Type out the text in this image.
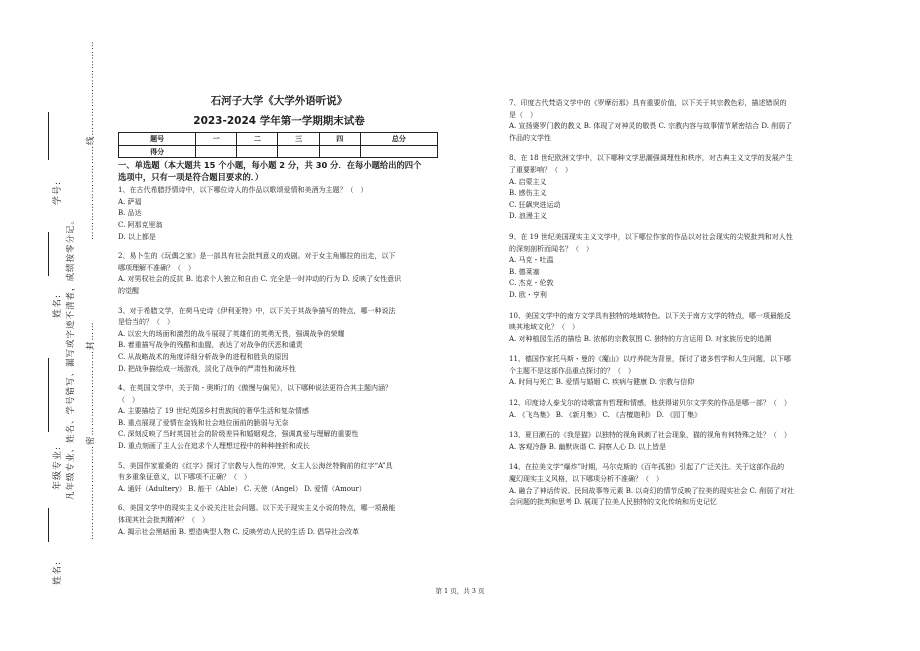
学号:
姓名:
年级专业:
姓名:
凡年级专业、姓名、学号错写、漏写或字迹不清者，成绩按零分记。
…………………………线…………………………
…………………………密………………………封……
石河子大学《大学外语听说》
2023-2024 学年第一学期期末试卷
题号	一	二	三	四	总分
得分					
一、单选题（本大题共 15 个小题，每小题 2 分，共 30 分．在每小题给出的四个
选项中，只有一项是符合题目要求的．）

1、在古代希腊抒情诗中，以下哪位诗人的作品以歌颂爱情和美酒为主题？（　）

A. 萨福

B. 品达

C. 阿那克里翁

D. 以上都是

2、易卜生的《玩偶之家》是一部具有社会批判意义的戏剧。对于女主角娜拉的出走，以下

哪项理解不准确？（　）

A. 对男权社会的反抗 B. 追求个人独立和自由 C. 完全是一时冲动的行为 D. 反映了女性意识

的觉醒

3、对于希腊文学，在荷马史诗《伊利亚特》中，以下关于其战争描写的特点，哪一种说法

是恰当的？（　）

A. 以宏大的场面和激烈的战斗展现了英雄们的英勇无畏，强调战争的荣耀

B. 着重描写战争的残酷和血腥，表达了对战争的厌恶和谴责

C. 从战略战术的角度详细分析战争的进程和胜负的原因

D. 把战争描绘成一场游戏，淡化了战争的严肃性和破坏性

4、在英国文学中，关于简・奥斯汀的《傲慢与偏见》，以下哪种说法更符合其主题内涵？

（　）

A. 主要描绘了 19 世纪英国乡村贵族间的奢华生活和复杂情感

B. 重点展现了爱情在金钱和社会地位面前的脆弱与无奈

C. 深刻反映了当时英国社会的阶级差异和婚姻观念，强调真爱与理解的重要性

D. 重点刻画了主人公在追求个人理想过程中的种种挫折和成长

5、美国作家霍桑的《红字》探讨了宗教与人性的冲突，女主人公海丝特胸前的红字“A”具

有多重象征意义，以下哪项不正确？（　）

A. 通奸（Adultery） B. 能干（Able） C. 天使（Angel） D. 爱情（Amour）

6、美国文学中的现实主义小说关注社会问题。以下关于现实主义小说的特点，哪一项最能

体现其社会批判精神？（　）

A. 揭示社会黑暗面 B. 塑造典型人物 C. 反映劳动人民的生活 D. 倡导社会改革

7、印度古代梵语文学中的《罗摩衍那》具有重要价值，以下关于其宗教色彩，描述错误的

是（　）

A. 宣扬婆罗门教的教义 B. 体现了对神灵的敬畏 C. 宗教内容与故事情节紧密结合 D. 削弱了

作品的文学性

8、在 18 世纪欧洲文学中，以下哪种文学思潮强调理性和秩序，对古典主义文学的发展产生

了重要影响？（　）

A. 启蒙主义

B. 感伤主义

C. 狂飙突进运动

D. 浪漫主义

9、在 19 世纪美国现实主义文学中，以下哪位作家的作品以对社会现实的尖锐批判和对人性

的深刻剖析而闻名？（　）

A. 马克・吐温

B. 德莱塞

C. 杰克・伦敦

D. 欧・亨利

10、美国文学中的南方文学具有独特的地域特色。以下关于南方文学的特点，哪一项最能反

映其地域文化？（　）

A. 对种植园生活的描绘 B. 浓郁的宗教氛围 C. 独特的方言运用 D. 对家族历史的追溯

11、德国作家托马斯・曼的《魔山》以疗养院为背景，探讨了诸多哲学和人生问题，以下哪

个主题不是这部作品重点探讨的？（　）

A. 时间与死亡 B. 爱情与婚姻 C. 疾病与健康 D. 宗教与信仰

12、印度诗人泰戈尔的诗歌富有哲理和情感，他获得诺贝尔文学奖的作品是哪一部？（　）

A. 《飞鸟集》 B. 《新月集》 C. 《吉檀迦利》 D. 《园丁集》

13、夏目漱石的《我是猫》以独特的视角讽刺了社会现象，猫的视角有何特殊之处？（　）

A. 客观冷静 B. 幽默诙谐 C. 洞察人心 D. 以上皆是

14、在拉美文学“爆炸”时期，马尔克斯的《百年孤独》引起了广泛关注。关于这部作品的

魔幻现实主义风格，以下哪项分析不准确？（　）

A. 融合了神话传说、民间故事等元素 B. 以奇幻的情节反映了拉美的现实社会 C. 削弱了对社

会问题的批判和思考 D. 展现了拉美人民独特的文化传统和历史记忆

第 1 页，共 3 页
